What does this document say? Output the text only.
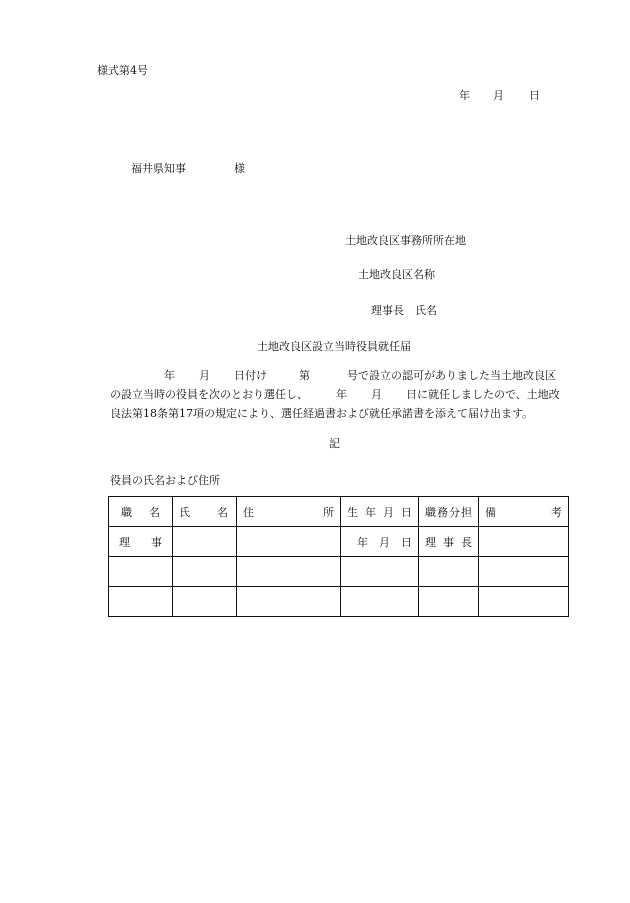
様式第4号
年 月 日
福井県知事	様
土地改良区事務所所在地
土地改良区名称
理事長　氏名
土地改良区設立当時役員就任届
年 月 日付け	第	号で設立の認可がありました当土地改良区
の設立当時の役員を次のとおり選任し、	年 月 日に就任しましたので、土地改
良法第18条第17項の規定により、選任経過書および就任承諾書を添えて届け出ます。
記
役員の氏名および住所
職 名	氏 名	住 所	生 年 月 日	職 務 分 担	備 考

理 事			年 月 日	理 事 長	
